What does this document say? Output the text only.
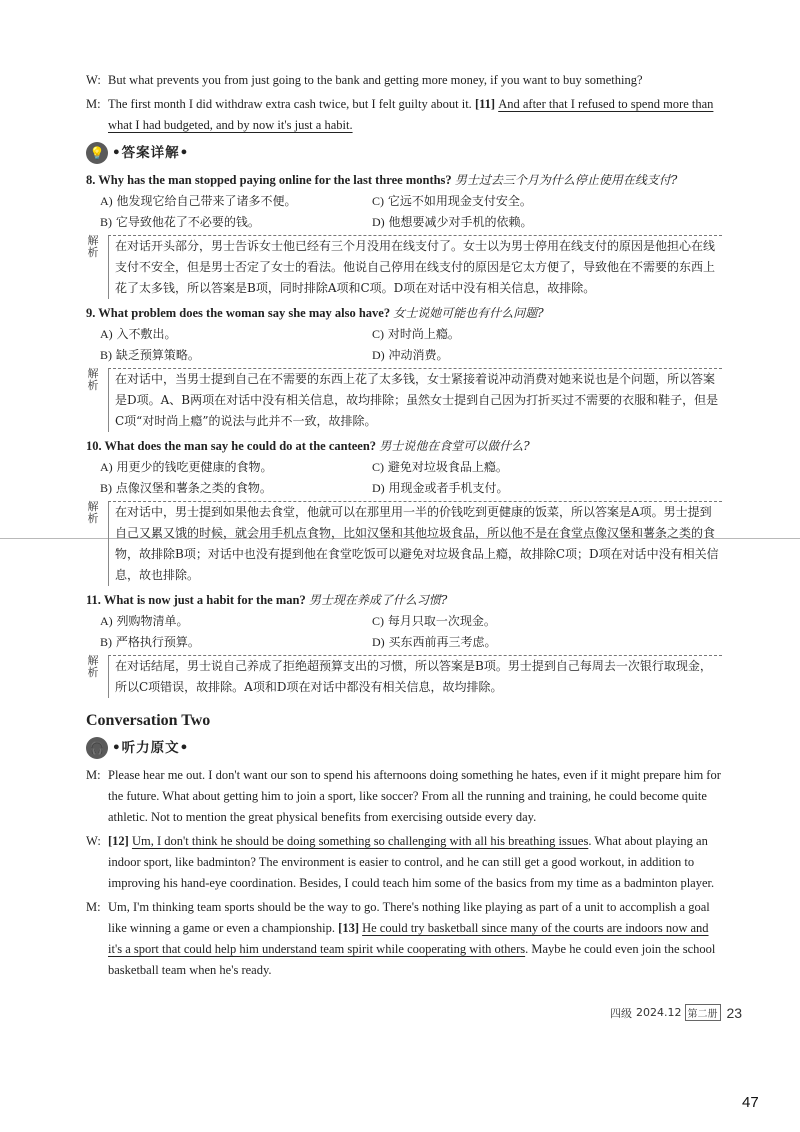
W: But what prevents you from just going to the bank and getting more money, if you want to buy something?
M: The first month I did withdraw extra cash twice, but I felt guilty about it. [11] And after that I refused to spend more than what I had budgeted, and by now it's just a habit.
💡 •答案详解•
8. Why has the man stopped paying online for the last three months? 男士过去三个月为什么停止使用在线支付?
A) 他发现它给自己带来了诸多不便。	C) 它远不如用现金支付安全。
B) 它导致他花了不必要的钱。	D) 他想要减少对手机的依赖。
解析	在对话开头部分，男士告诉女士他已经有三个月没用在线支付了。女士以为男士停用在线支付的原因是他担心在线支付不安全，但是男士否定了女士的看法。他说自己停用在线支付的原因是它太方便了，导致他在不需要的东西上花了太多钱，所以答案是B项，同时排除A项和C项。D项在对话中没有相关信息，故排除。
9. What problem does the woman say she may also have? 女士说她可能也有什么问题?
A) 入不敷出。	C) 对时尚上瘾。
B) 缺乏预算策略。	D) 冲动消费。
解析	在对话中，当男士提到自己在不需要的东西上花了太多钱，女士紧接着说冲动消费对她来说也是个问题，所以答案是D项。A、B两项在对话中没有相关信息，故均排除；虽然女士提到自己因为打折买过不需要的衣服和鞋子，但是C项“对时尚上瘾”的说法与此并不一致，故排除。
10. What does the man say he could do at the canteen? 男士说他在食堂可以做什么?
A) 用更少的钱吃更健康的食物。	C) 避免对垃圾食品上瘾。
B) 点像汉堡和薯条之类的食物。	D) 用现金或者手机支付。
解析	在对话中，男士提到如果他去食堂，他就可以在那里用一半的价钱吃到更健康的饭菜，所以答案是A项。男士提到自己又累又饿的时候，就会用手机点食物，比如汉堡和其他垃圾食品，所以他不是在食堂点像汉堡和薯条之类的食物，故排除B项；对话中也没有提到他在食堂吃饭可以避免对垃圾食品上瘾，故排除C项；D项在对话中没有相关信息，故也排除。
11. What is now just a habit for the man? 男士现在养成了什么习惯?
A) 列购物清单。	C) 每月只取一次现金。
B) 严格执行预算。	D) 买东西前再三考虑。
解析	在对话结尾，男士说自己养成了拒绝超预算支出的习惯，所以答案是B项。男士提到自己每周去一次银行取现金，所以C项错误，故排除。A项和D项在对话中都没有相关信息，故均排除。
Conversation Two
🎧 •听力原文•
M: Please hear me out. I don't want our son to spend his afternoons doing something he hates, even if it might prepare him for the future. What about getting him to join a sport, like soccer? From all the running and training, he could become quite athletic. Not to mention the great physical benefits from exercising outside every day.
W: [12] Um, I don't think he should be doing something so challenging with all his breathing issues. What about playing an indoor sport, like badminton? The environment is easier to control, and he can still get a good workout, in addition to improving his hand-eye coordination. Besides, I could teach him some of the basics from my time as a badminton player.
M: Um, I'm thinking team sports should be the way to go. There's nothing like playing as part of a unit to accomplish a goal like winning a game or even a championship. [13] He could try basketball since many of the courts are indoors now and it's a sport that could help him understand team spirit while cooperating with others. Maybe he could even join the school basketball team when he's ready.
四级 2024.12 第二册 23
47
